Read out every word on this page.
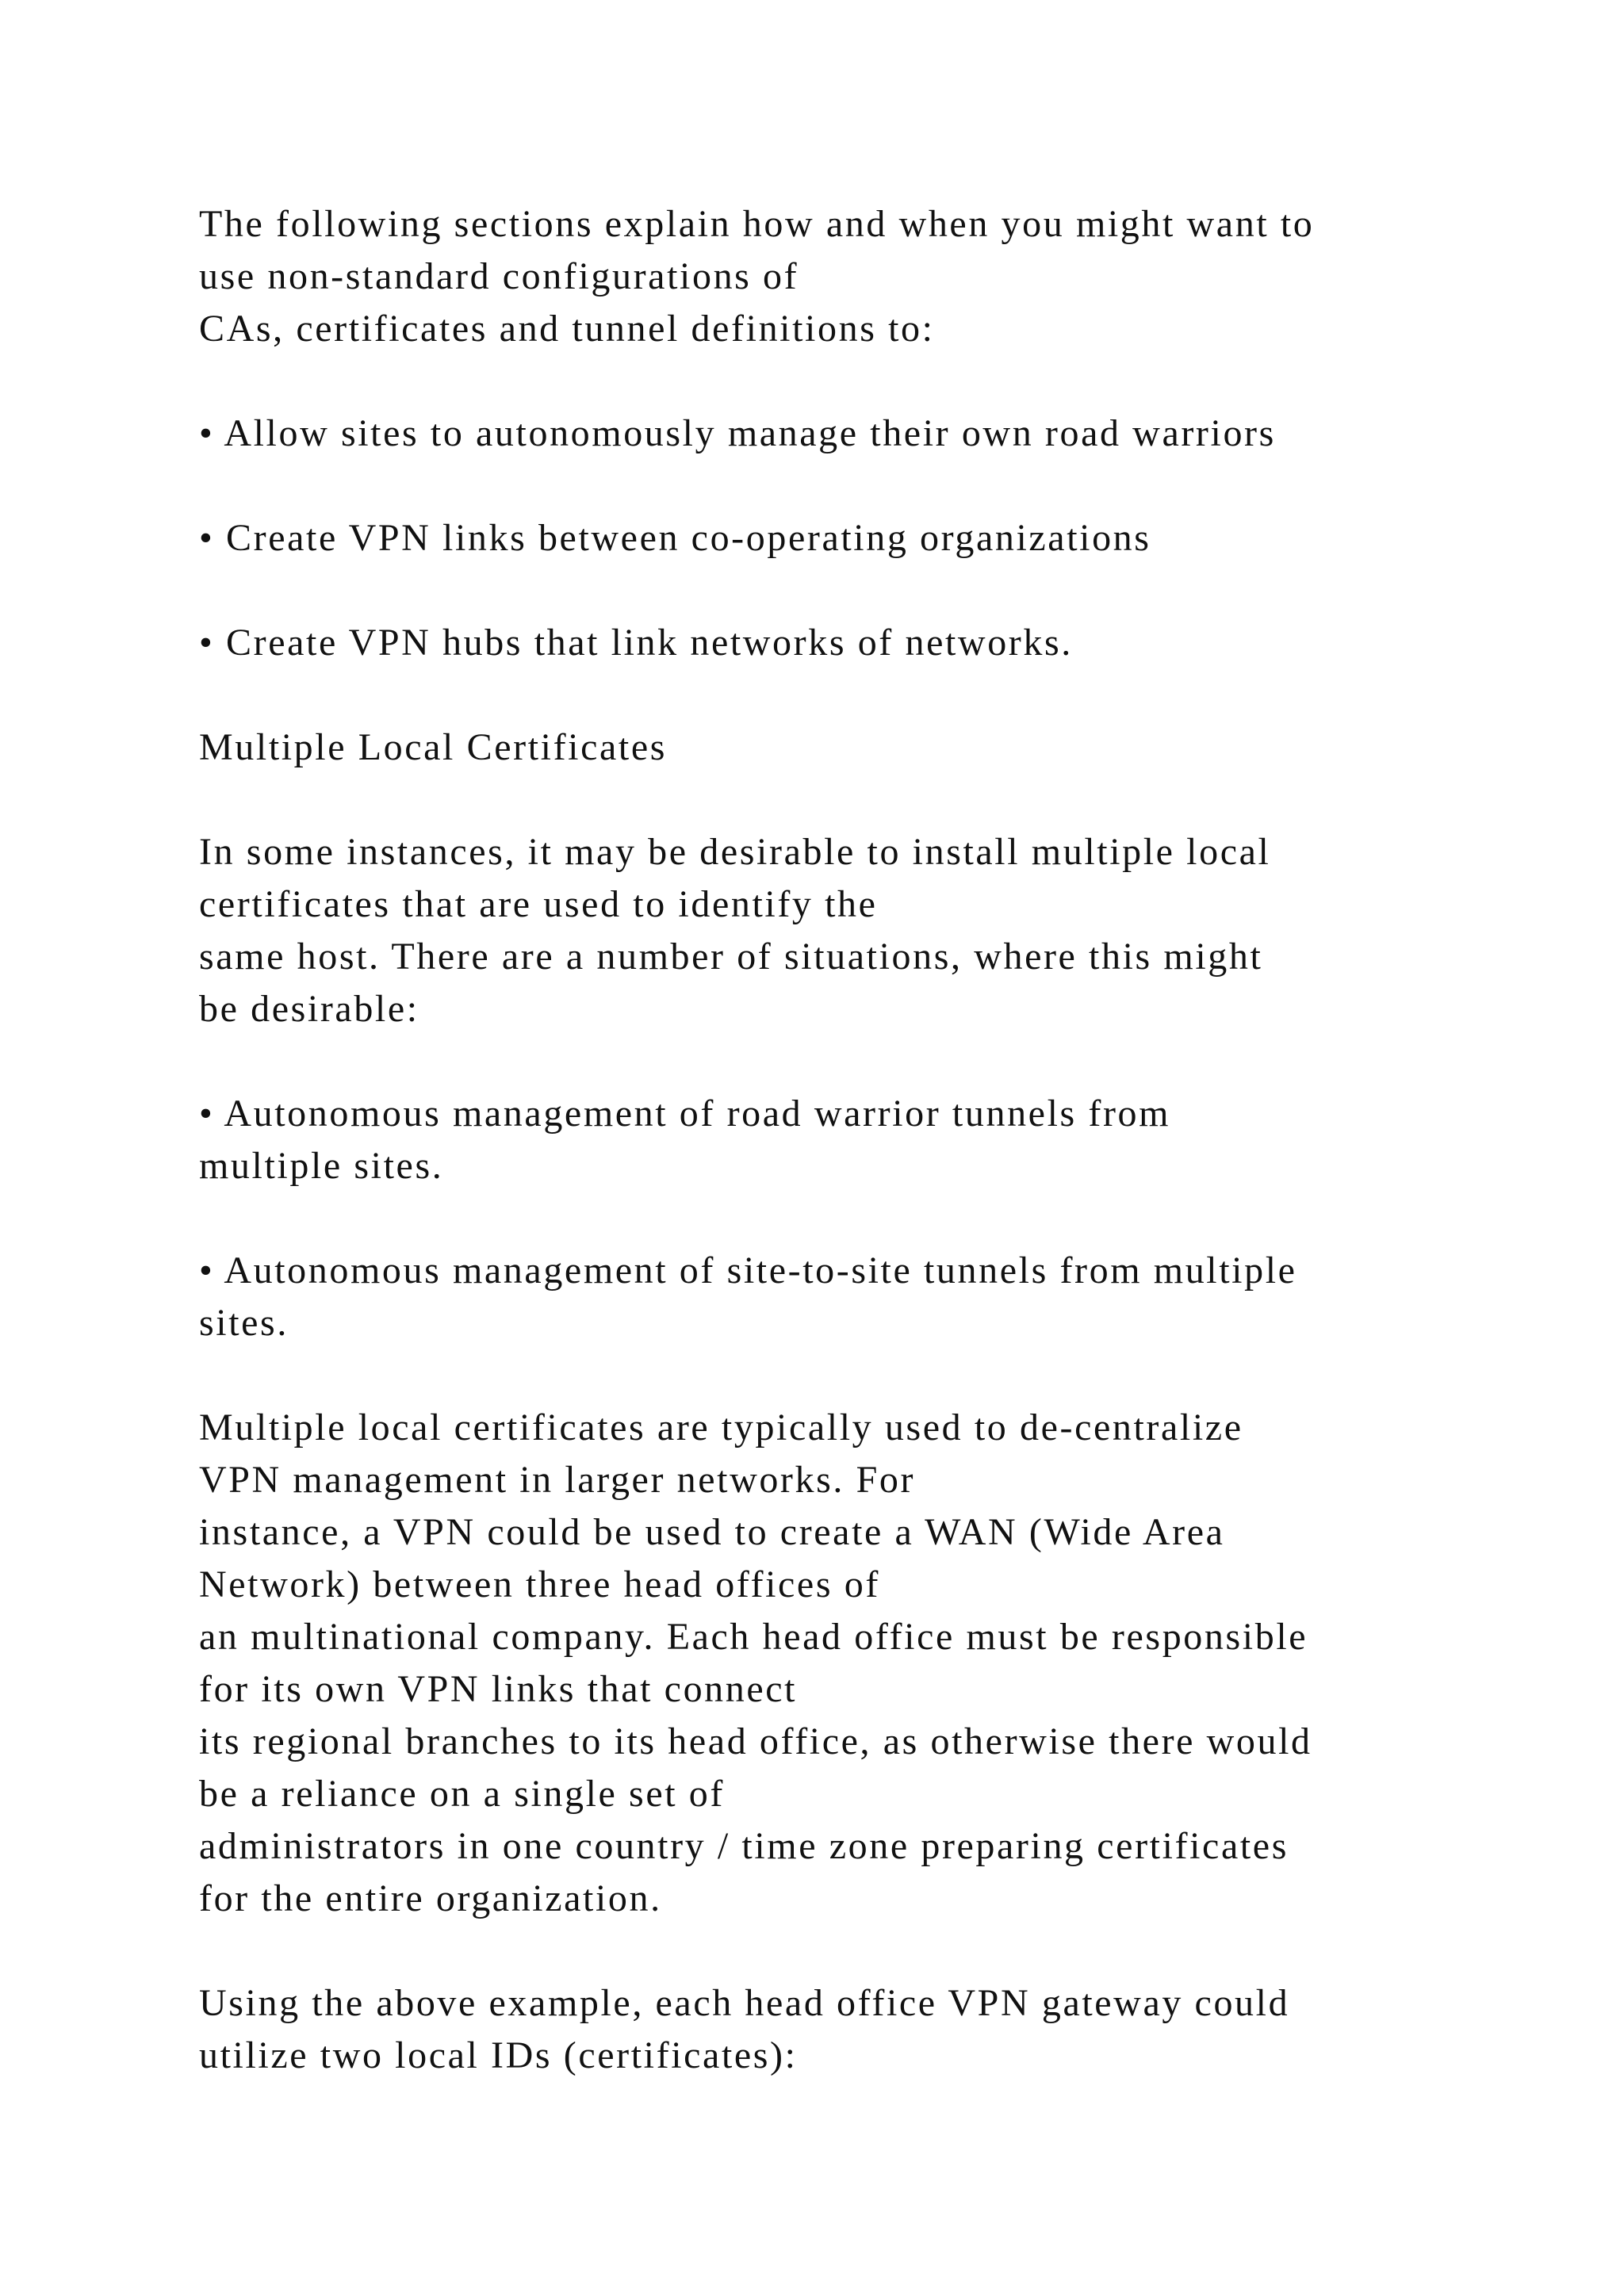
The following sections explain how and when you might want to
use non-standard configurations of
CAs, certificates and tunnel definitions to:
• Allow sites to autonomously manage their own road warriors
• Create VPN links between co-operating organizations
• Create VPN hubs that link networks of networks.
Multiple Local Certificates
In some instances, it may be desirable to install multiple local
certificates that are used to identify the
same host. There are a number of situations, where this might
be desirable:
• Autonomous management of road warrior tunnels from
multiple sites.
• Autonomous management of site-to-site tunnels from multiple
sites.
Multiple local certificates are typically used to de-centralize
VPN management in larger networks. For
instance, a VPN could be used to create a WAN (Wide Area
Network) between three head offices of
an multinational company. Each head office must be responsible
for its own VPN links that connect
its regional branches to its head office, as otherwise there would
be a reliance on a single set of
administrators in one country / time zone preparing certificates
for the entire organization.
Using the above example, each head office VPN gateway could
utilize two local IDs (certificates):
